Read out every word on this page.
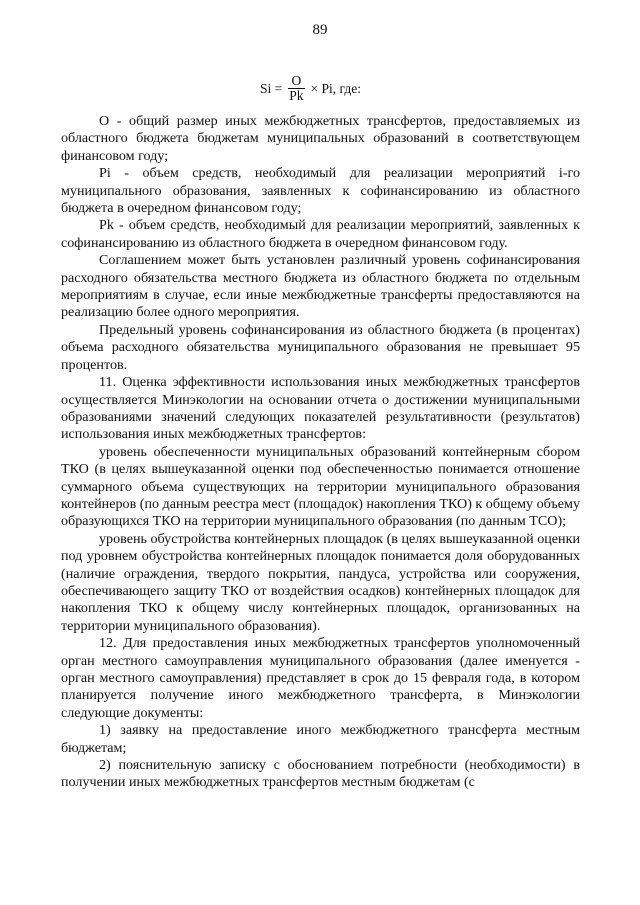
89
$Si = \frac{O}{Pk} \times Pi$, где:

O - общий размер иных межбюджетных трансфертов, предоставляемых из областного бюджета бюджетам муниципальных образований в соответствующем финансовом году;

Pi - объем средств, необходимый для реализации мероприятий i-го муниципального образования, заявленных к софинансированию из областного бюджета в очередном финансовом году;

Pk - объем средств, необходимый для реализации мероприятий, заявленных к софинансированию из областного бюджета в очередном финансовом году.

Соглашением может быть установлен различный уровень софинансирования расходного обязательства местного бюджета из областного бюджета по отдельным мероприятиям в случае, если иные межбюджетные трансферты предоставляются на реализацию более одного мероприятия.

Предельный уровень софинансирования из областного бюджета (в процентах) объема расходного обязательства муниципального образования не превышает 95 процентов.

11. Оценка эффективности использования иных межбюджетных трансфертов осуществляется Минэкологии на основании отчета о достижении муниципальными образованиями значений следующих показателей результативности (результатов) использования иных межбюджетных трансфертов:

уровень обеспеченности муниципальных образований контейнерным сбором ТКО (в целях вышеуказанной оценки под обеспеченностью понимается отношение суммарного объема существующих на территории муниципального образования контейнеров (по данным реестра мест (площадок) накопления ТКО) к общему объему образующихся ТКО на территории муниципального образования (по данным ТСО);

уровень обустройства контейнерных площадок (в целях вышеуказанной оценки под уровнем обустройства контейнерных площадок понимается доля оборудованных (наличие ограждения, твердого покрытия, пандуса, устройства или сооружения, обеспечивающего защиту ТКО от воздействия осадков) контейнерных площадок для накопления ТКО к общему числу контейнерных площадок, организованных на территории муниципального образования).

12. Для предоставления иных межбюджетных трансфертов уполномоченный орган местного самоуправления муниципального образования (далее именуется - орган местного самоуправления) представляет в срок до 15 февраля года, в котором планируется получение иного межбюджетного трансферта, в Минэкологии следующие документы:

1) заявку на предоставление иного межбюджетного трансферта местным бюджетам;

2) пояснительную записку с обоснованием потребности (необходимости) в получении иных межбюджетных трансфертов местным бюджетам (с
